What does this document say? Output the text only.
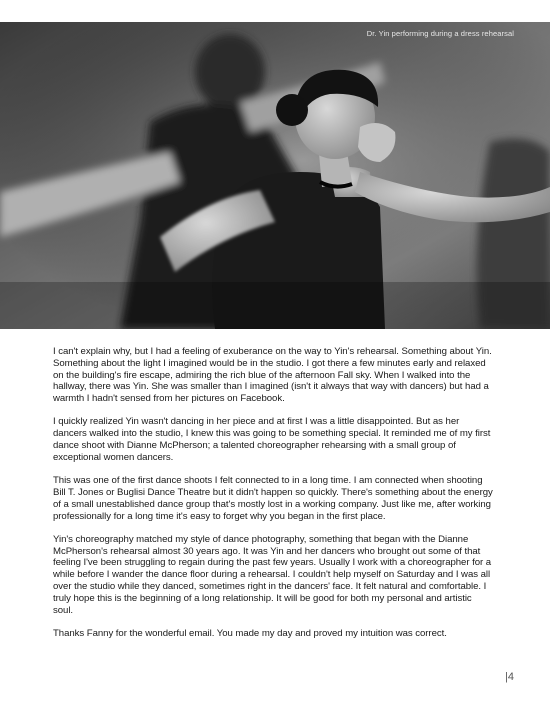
Dr. Yin performing during a dress rehearsal

I can't explain why, but I had a feeling of exuberance on the way to Yin's rehearsal. Something about Yin. Something about the light I imagined would be in the studio. I got there a few minutes early and relaxed on the building's fire escape, admiring the rich blue of the afternoon Fall sky. When I walked into the hallway, there was Yin. She was smaller than I imagined (isn't it always that way with dancers) but had a warmth I hadn't sensed from her pictures on Facebook.

I quickly realized Yin wasn't dancing in her piece and at first I was a little disappointed. But as her dancers walked into the studio, I knew this was going to be something special. It reminded me of my first dance shoot with Dianne McPherson; a talented choreographer rehearsing with a small group of exceptional women dancers.

This was one of the first dance shoots I felt connected to in a long time. I am connected when shooting Bill T. Jones or Buglisi Dance Theatre but it didn't happen so quickly. There's something about the energy of a small unestablished dance group that's mostly lost in a working company. Just like me, after working professionally for a long time it's easy to forget why you began in the first place.

Yin's choreography matched my style of dance photography, something that began with the Dianne McPherson's rehearsal almost 30 years ago. It was Yin and her dancers who brought out some of that feeling I've been struggling to regain during the past few years. Usually I work with a choreographer for a while before I wander the dance floor during a rehearsal. I couldn't help myself on Saturday and I was all over the studio while they danced, sometimes right in the dancers' face. It felt natural and comfortable. I truly hope this is the beginning of a long relationship. It will be good for both my personal and artistic soul.

Thanks Fanny for the wonderful email. You made my day and proved my intuition was correct.

|4
